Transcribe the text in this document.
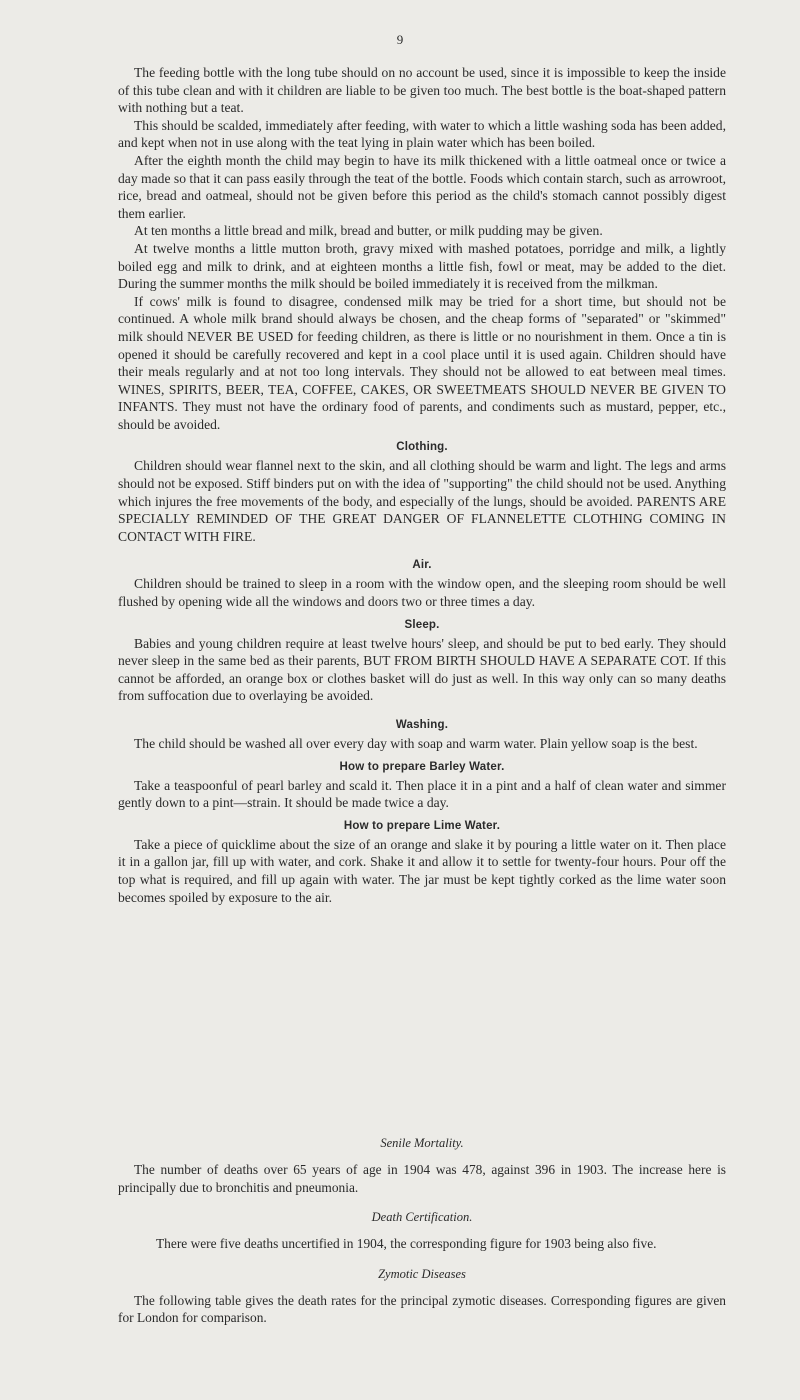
9

The feeding bottle with the long tube should on no account be used, since it is impossible to keep the inside of this tube clean and with it children are liable to be given too much. The best bottle is the boat-shaped pattern with nothing but a teat.

This should be scalded, immediately after feeding, with water to which a little washing soda has been added, and kept when not in use along with the teat lying in plain water which has been boiled.

After the eighth month the child may begin to have its milk thickened with a little oatmeal once or twice a day made so that it can pass easily through the teat of the bottle. Foods which contain starch, such as arrowroot, rice, bread and oatmeal, should not be given before this period as the child's stomach cannot possibly digest them earlier.

At ten months a little bread and milk, bread and butter, or milk pudding may be given.

At twelve months a little mutton broth, gravy mixed with mashed potatoes, porridge and milk, a lightly boiled egg and milk to drink, and at eighteen months a little fish, fowl or meat, may be added to the diet. During the summer months the milk should be boiled immediately it is received from the milkman.

If cows' milk is found to disagree, condensed milk may be tried for a short time, but should not be continued. A whole milk brand should always be chosen, and the cheap forms of "separated" or "skimmed" milk should NEVER BE USED for feeding children, as there is little or no nourishment in them. Once a tin is opened it should be carefully recovered and kept in a cool place until it is used again. Children should have their meals regularly and at not too long intervals. They should not be allowed to eat between meal times. WINES, SPIRITS, BEER, TEA, COFFEE, CAKES, OR SWEETMEATS SHOULD NEVER BE GIVEN TO INFANTS. They must not have the ordinary food of parents, and condiments such as mustard, pepper, etc., should be avoided.

Clothing.

Children should wear flannel next to the skin, and all clothing should be warm and light. The legs and arms should not be exposed. Stiff binders put on with the idea of "supporting" the child should not be used. Anything which injures the free movements of the body, and especially of the lungs, should be avoided. PARENTS ARE SPECIALLY REMINDED OF THE GREAT DANGER OF FLANNELETTE CLOTHING COMING IN CONTACT WITH FIRE.

Air.

Children should be trained to sleep in a room with the window open, and the sleeping room should be well flushed by opening wide all the windows and doors two or three times a day.

Sleep.

Babies and young children require at least twelve hours' sleep, and should be put to bed early. They should never sleep in the same bed as their parents, BUT FROM BIRTH SHOULD HAVE A SEPARATE COT. If this cannot be afforded, an orange box or clothes basket will do just as well. In this way only can so many deaths from suffocation due to overlaying be avoided.

Washing.

The child should be washed all over every day with soap and warm water. Plain yellow soap is the best.

How to prepare Barley Water.

Take a teaspoonful of pearl barley and scald it. Then place it in a pint and a half of clean water and simmer gently down to a pint—strain. It should be made twice a day.

How to prepare Lime Water.

Take a piece of quicklime about the size of an orange and slake it by pouring a little water on it. Then place it in a gallon jar, fill up with water, and cork. Shake it and allow it to settle for twenty-four hours. Pour off the top what is required, and fill up again with water. The jar must be kept tightly corked as the lime water soon becomes spoiled by exposure to the air.

Senile Mortality.

The number of deaths over 65 years of age in 1904 was 478, against 396 in 1903. The increase here is principally due to bronchitis and pneumonia.

Death Certification.

There were five deaths uncertified in 1904, the corresponding figure for 1903 being also five.

Zymotic Diseases

The following table gives the death rates for the principal zymotic diseases. Corresponding figures are given for London for comparison.
